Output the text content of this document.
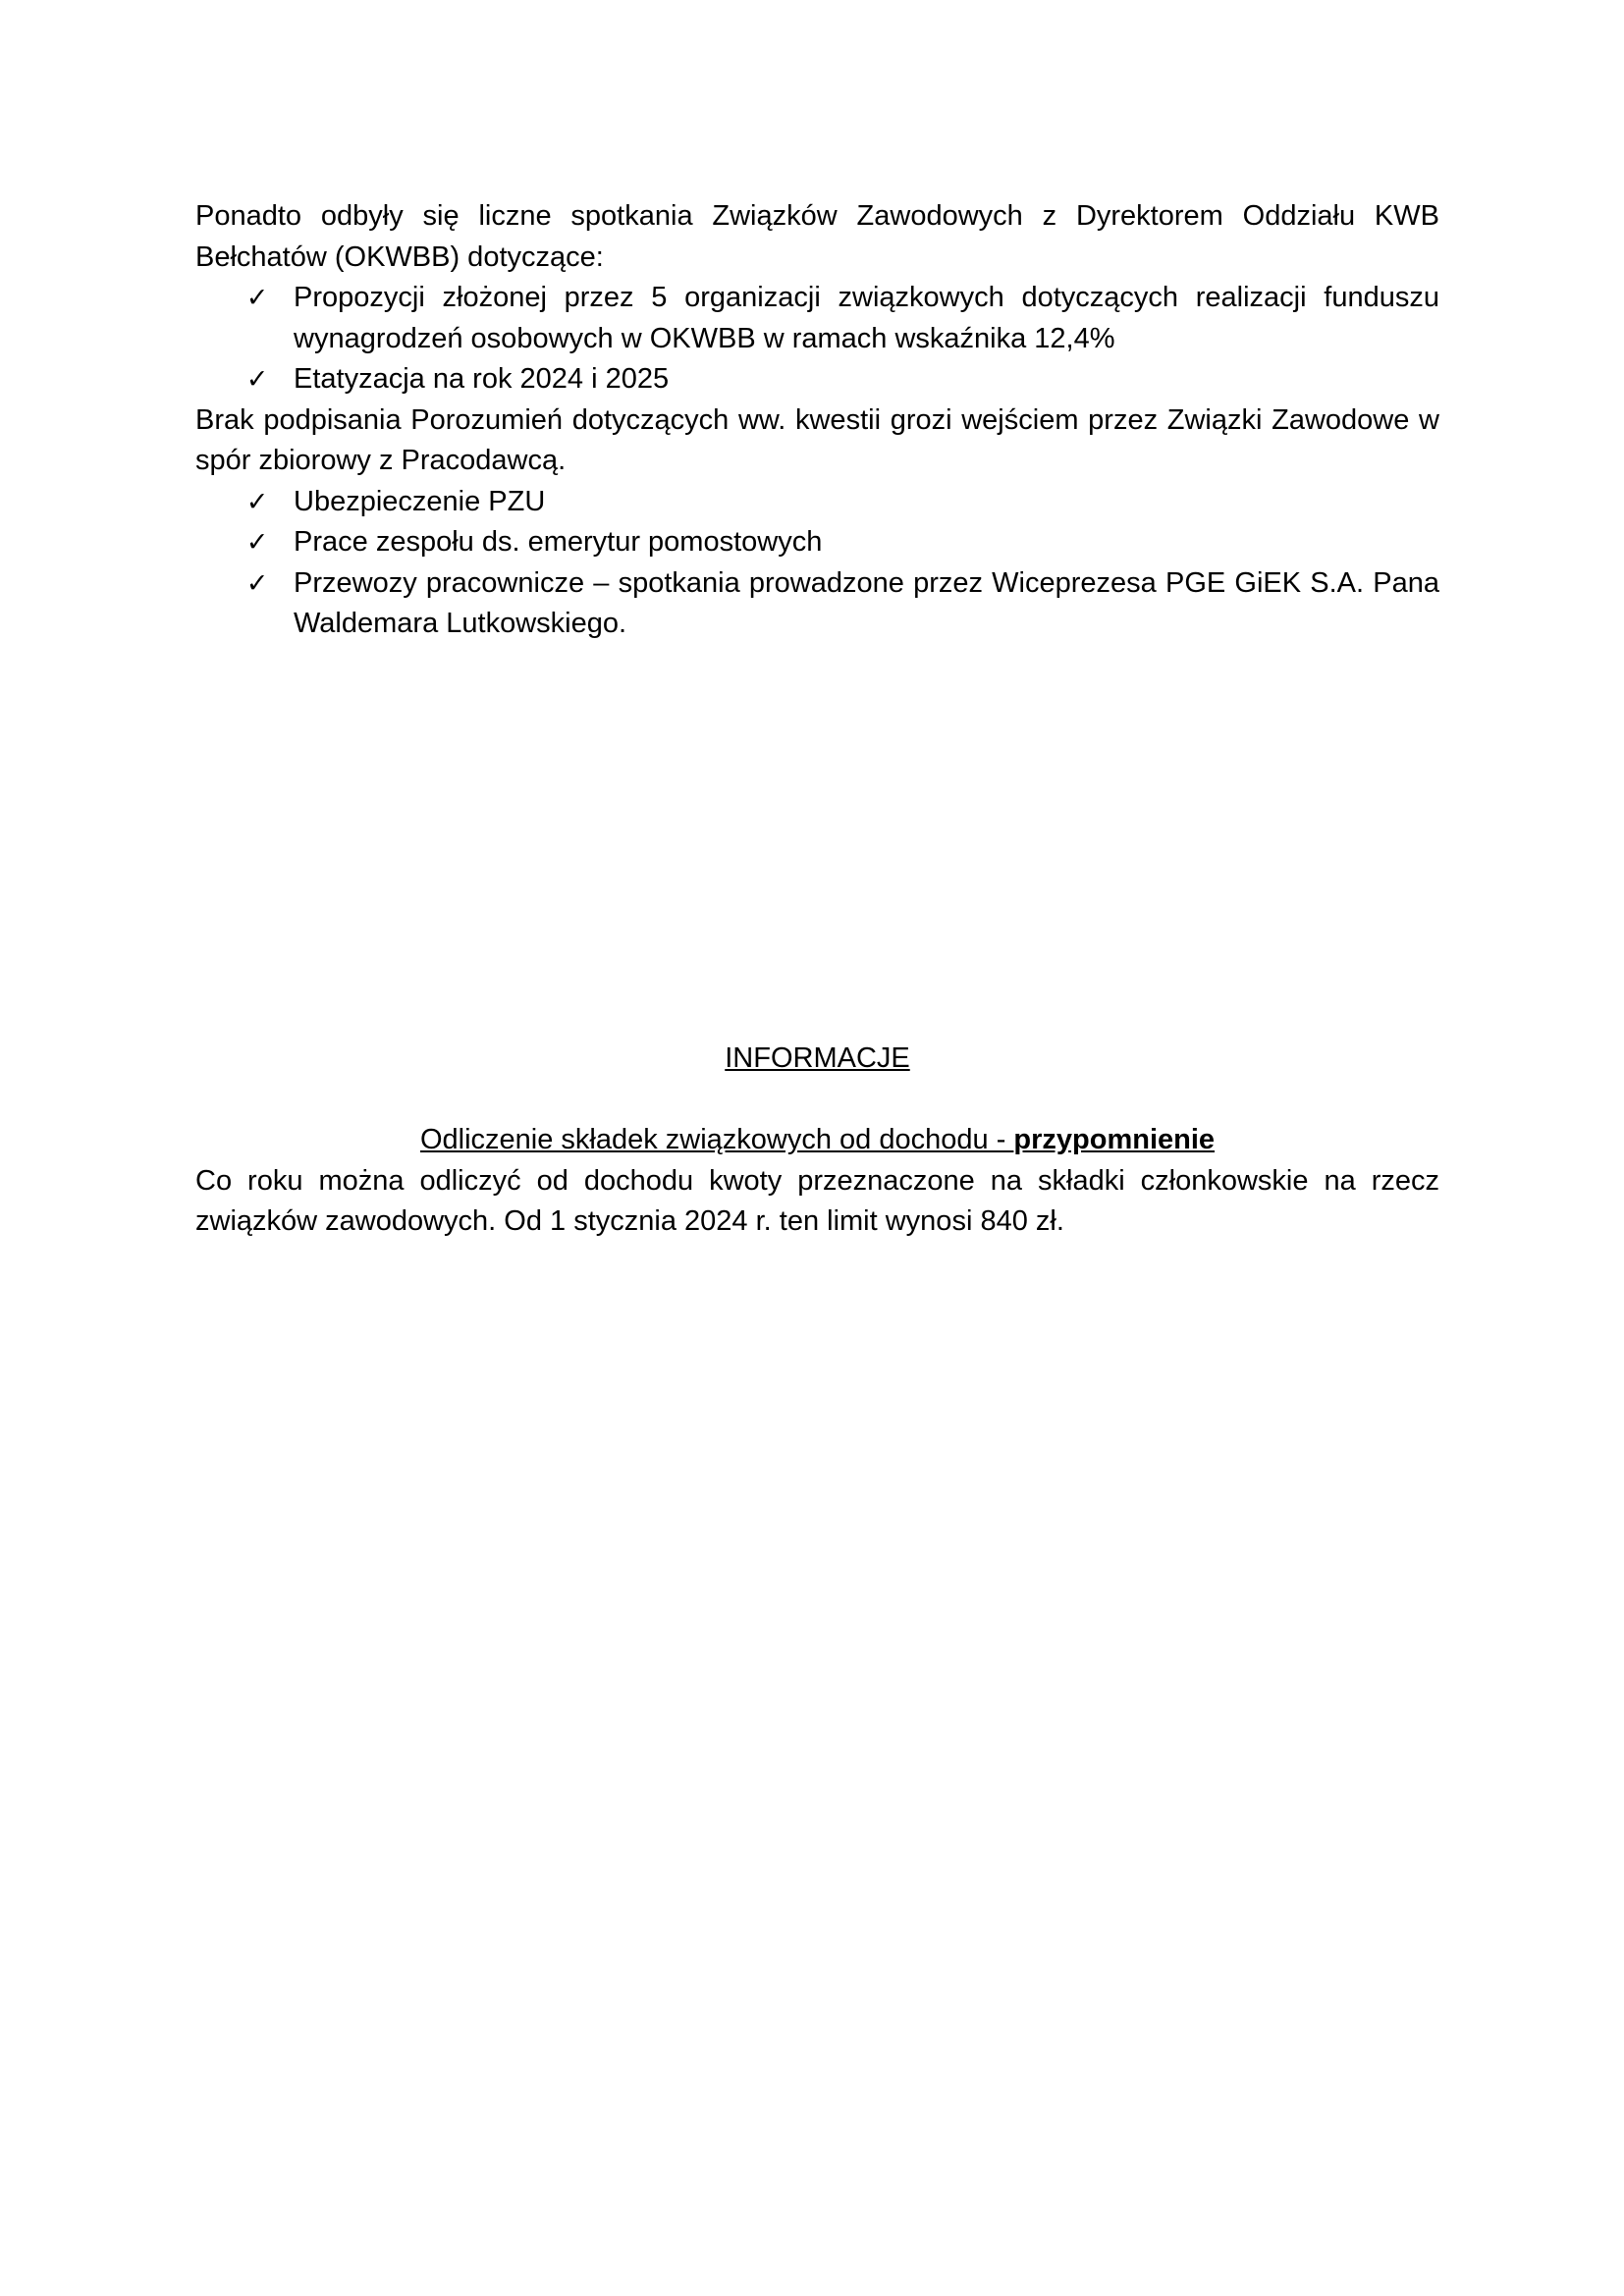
Ponadto odbyły się liczne spotkania Związków Zawodowych z Dyrektorem Oddziału KWB Bełchatów (OKWBB) dotyczące:

✓ Propozycji złożonej przez 5 organizacji związkowych dotyczących realizacji funduszu wynagrodzeń osobowych w OKWBB w ramach wskaźnika 12,4%
✓ Etatyzacja na rok 2024 i 2025

Brak podpisania Porozumień dotyczących ww. kwestii grozi wejściem przez Związki Zawodowe w spór zbiorowy z Pracodawcą.

✓ Ubezpieczenie PZU
✓ Prace zespołu ds. emerytur pomostowych
✓ Przewozy pracownicze – spotkania prowadzone przez Wiceprezesa PGE GiEK S.A. Pana Waldemara Lutkowskiego.

INFORMACJE

Odliczenie składek związkowych od dochodu - przypomnienie

Co roku można odliczyć od dochodu kwoty przeznaczone na składki członkowskie na rzecz związków zawodowych. Od 1 stycznia 2024 r. ten limit wynosi 840 zł.
